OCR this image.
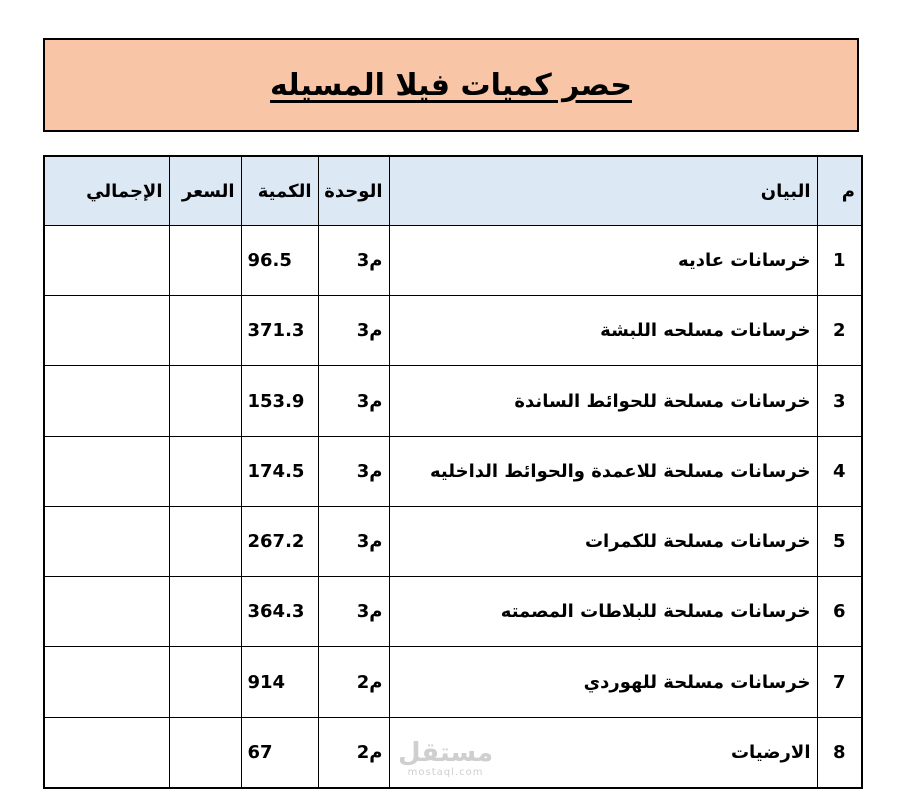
حصر كميات فيلا المسيله
م	البيان	الوحدة	الكمية	السعر	الإجمالي
1	خرسانات عاديه	م3	96.5		
2	خرسانات مسلحه اللبشة	م3	371.3		
3	خرسانات مسلحة للحوائط الساندة	م3	153.9		
4	خرسانات مسلحة للاعمدة والحوائط الداخليه	م3	174.5		
5	خرسانات مسلحة للكمرات	م3	267.2		
6	خرسانات مسلحة للبلاطات المصمته	م3	364.3		
7	خرسانات مسلحة للهوردي	م2	914		
8	الارضيات	م2	67			مستقل
mostaql.com
